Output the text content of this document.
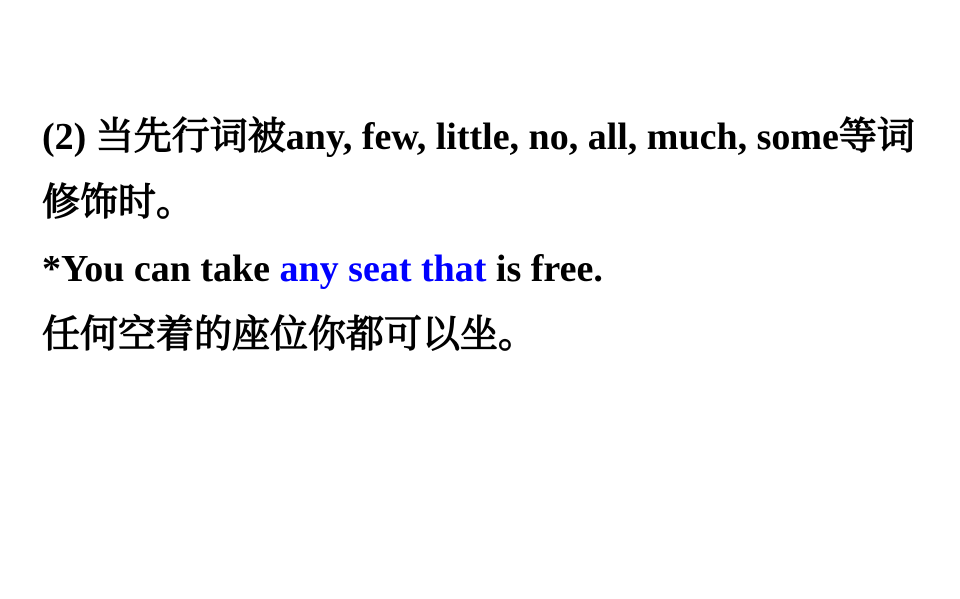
(2) 当先行词被any, few, little, no, all, much, some等词
修饰时。
*You can take any seat that is free.
任何空着的座位你都可以坐。
